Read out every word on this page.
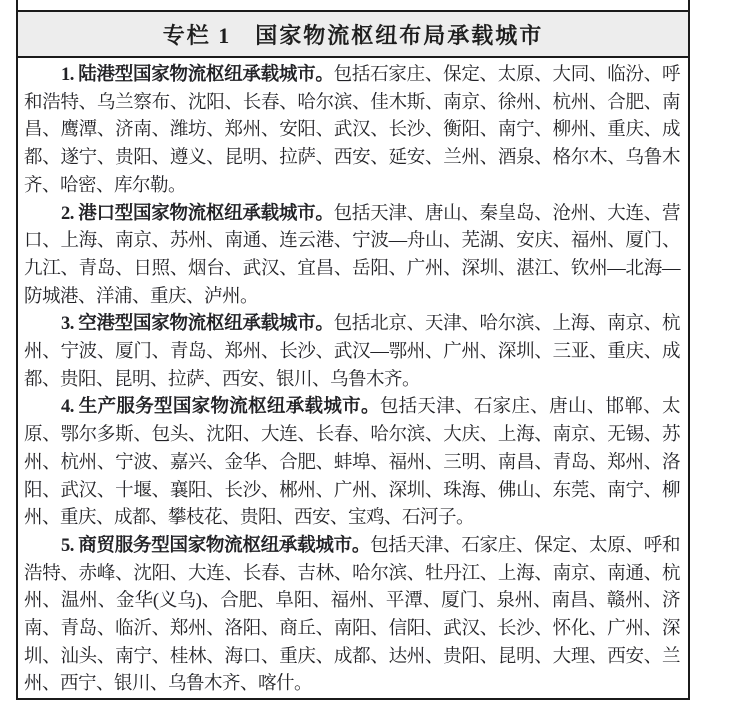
专栏 1　国家物流枢纽布局承载城市

1. 陆港型国家物流枢纽承载城市。包括石家庄、保定、太原、大同、临汾、呼和浩特、乌兰察布、沈阳、长春、哈尔滨、佳木斯、南京、徐州、杭州、合肥、南昌、鹰潭、济南、潍坊、郑州、安阳、武汉、长沙、衡阳、南宁、柳州、重庆、成都、遂宁、贵阳、遵义、昆明、拉萨、西安、延安、兰州、酒泉、格尔木、乌鲁木齐、哈密、库尔勒。

2. 港口型国家物流枢纽承载城市。包括天津、唐山、秦皇岛、沧州、大连、营口、上海、南京、苏州、南通、连云港、宁波—舟山、芜湖、安庆、福州、厦门、九江、青岛、日照、烟台、武汉、宜昌、岳阳、广州、深圳、湛江、钦州—北海—防城港、洋浦、重庆、泸州。

3. 空港型国家物流枢纽承载城市。包括北京、天津、哈尔滨、上海、南京、杭州、宁波、厦门、青岛、郑州、长沙、武汉—鄂州、广州、深圳、三亚、重庆、成都、贵阳、昆明、拉萨、西安、银川、乌鲁木齐。

4. 生产服务型国家物流枢纽承载城市。包括天津、石家庄、唐山、邯郸、太原、鄂尔多斯、包头、沈阳、大连、长春、哈尔滨、大庆、上海、南京、无锡、苏州、杭州、宁波、嘉兴、金华、合肥、蚌埠、福州、三明、南昌、青岛、郑州、洛阳、武汉、十堰、襄阳、长沙、郴州、广州、深圳、珠海、佛山、东莞、南宁、柳州、重庆、成都、攀枝花、贵阳、西安、宝鸡、石河子。

5. 商贸服务型国家物流枢纽承载城市。包括天津、石家庄、保定、太原、呼和浩特、赤峰、沈阳、大连、长春、吉林、哈尔滨、牡丹江、上海、南京、南通、杭州、温州、金华(义乌)、合肥、阜阳、福州、平潭、厦门、泉州、南昌、赣州、济南、青岛、临沂、郑州、洛阳、商丘、南阳、信阳、武汉、长沙、怀化、广州、深圳、汕头、南宁、桂林、海口、重庆、成都、达州、贵阳、昆明、大理、西安、兰州、西宁、银川、乌鲁木齐、喀什。
